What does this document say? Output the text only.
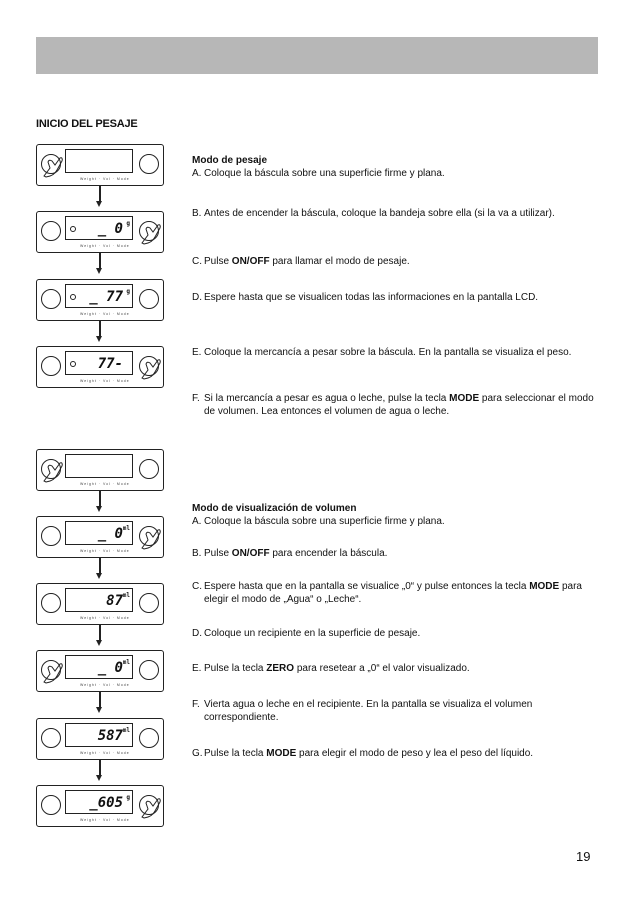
INICIO DEL PESAJE
Weight · Vol · Mode
_ 0 g
Weight · Vol · Mode
_ 77 g
Weight · Vol · Mode
77-
Weight · Vol · Mode
Weight · Vol · Mode
_ 0 ml
Weight · Vol · Mode
87 ml
Weight · Vol · Mode
_ 0 ml
Weight · Vol · Mode
587 ml
Weight · Vol · Mode
_605 g
Weight · Vol · Mode
Modo de pesaje
A. Coloque la báscula sobre una superficie firme y plana.
B. Antes de encender la báscula, coloque la bandeja sobre ella (si la va a utilizar).
C. Pulse ON/OFF para llamar el modo de pesaje.
D. Espere hasta que se visualicen todas las informaciones en la pantalla LCD.
E. Coloque la mercancía a pesar sobre la báscula. En la pantalla se visualiza el peso.
F. Si la mercancía a pesar es agua o leche, pulse la tecla MODE para seleccionar el modo de volumen. Lea entonces el volumen de agua o leche.
Modo de visualización de volumen
A. Coloque la báscula sobre una superficie firme y plana.
B. Pulse ON/OFF para encender la báscula.
C. Espere hasta que en la pantalla se visualice „0“ y pulse entonces la tecla MODE para elegir el modo de „Agua“ o „Leche“.
D. Coloque un recipiente en la superficie de pesaje.
E. Pulse la tecla ZERO para resetear a „0“ el valor visualizado.
F. Vierta agua o leche en el recipiente. En la pantalla se visualiza el volumen correspondiente.
G. Pulse la tecla MODE para elegir el modo de peso y lea el peso del líquido.
19
